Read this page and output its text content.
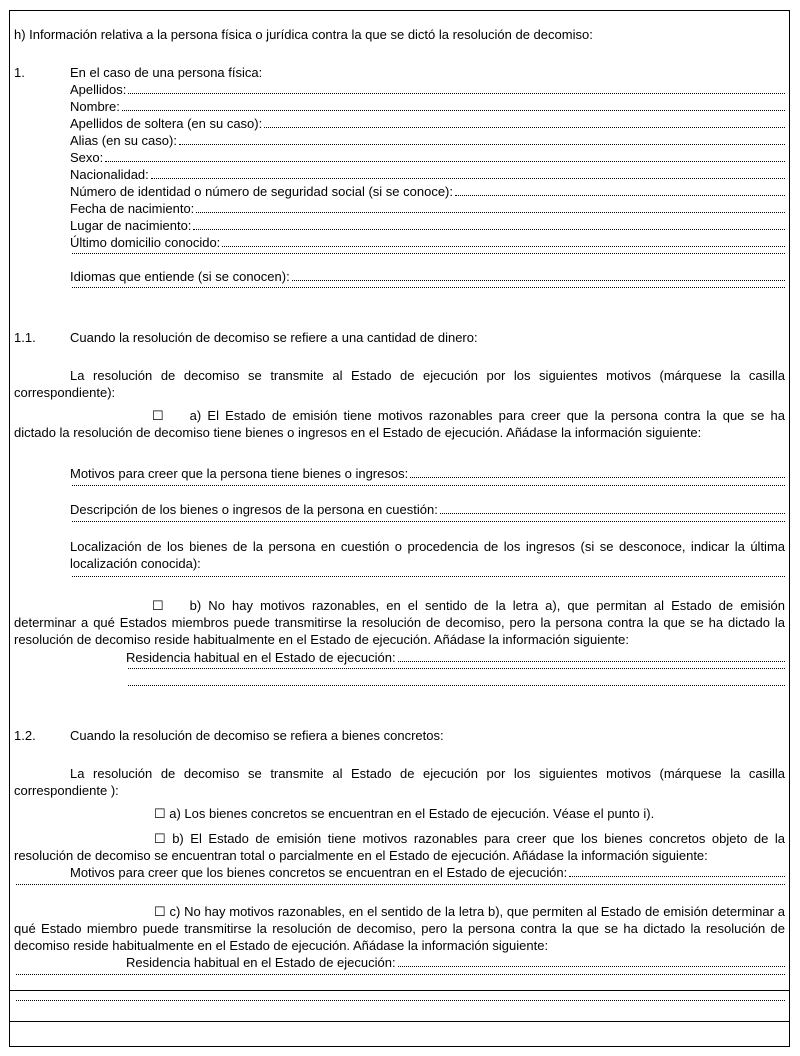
h) Información relativa a la persona física o jurídica contra la que se dictó la resolución de decomiso:
1.	En el caso de una persona física:
Apellidos:
Nombre:
Apellidos de soltera (en su caso):
Alias (en su caso):
Sexo:
Nacionalidad:
Número de identidad o número de seguridad social (si se conoce):
Fecha de nacimiento:
Lugar de nacimiento:
Último domicilio conocido:
Idiomas que entiende (si se conocen):
1.1.	Cuando la resolución de decomiso se refiere a una cantidad de dinero:
La resolución de decomiso se transmite al Estado de ejecución por los siguientes motivos (márquese la casilla correspondiente):
☐  a) El Estado de emisión tiene motivos razonables para creer que la persona contra la que se ha dictado la resolución de decomiso tiene bienes o ingresos en el Estado de ejecución. Añádase la información siguiente:
Motivos para creer que la persona tiene bienes o ingresos:
Descripción de los bienes o ingresos de la persona en cuestión:
Localización de los bienes de la persona en cuestión o procedencia de los ingresos (si se desconoce, indicar la última localización conocida):
☐  b) No hay motivos razonables, en el sentido de la letra a), que permitan al Estado de emisión determinar a qué Estados miembros puede transmitirse la resolución de decomiso, pero la persona contra la que se ha dictado la resolución de decomiso reside habitualmente en el Estado de ejecución. Añádase la información siguiente:
Residencia habitual en el Estado de ejecución:
1.2.	Cuando la resolución de decomiso se refiera a bienes concretos:
La resolución de decomiso se transmite al Estado de ejecución por los siguientes motivos (márquese la casilla correspondiente ):
☐ a) Los bienes concretos se encuentran en el Estado de ejecución. Véase el punto i).
☐ b) El Estado de emisión tiene motivos razonables para creer que los bienes concretos objeto de la resolución de decomiso se encuentran total o parcialmente en el Estado de ejecución. Añádase la información siguiente:
Motivos para creer que los bienes concretos se encuentran en el Estado de ejecución:
☐ c) No hay motivos razonables, en el sentido de la letra b), que permiten al Estado de emisión determinar a qué Estado miembro puede transmitirse la resolución de decomiso, pero la persona contra la que se ha dictado la resolución de decomiso reside habitualmente en el Estado de ejecución. Añádase la información siguiente:
Residencia habitual en el Estado de ejecución:
